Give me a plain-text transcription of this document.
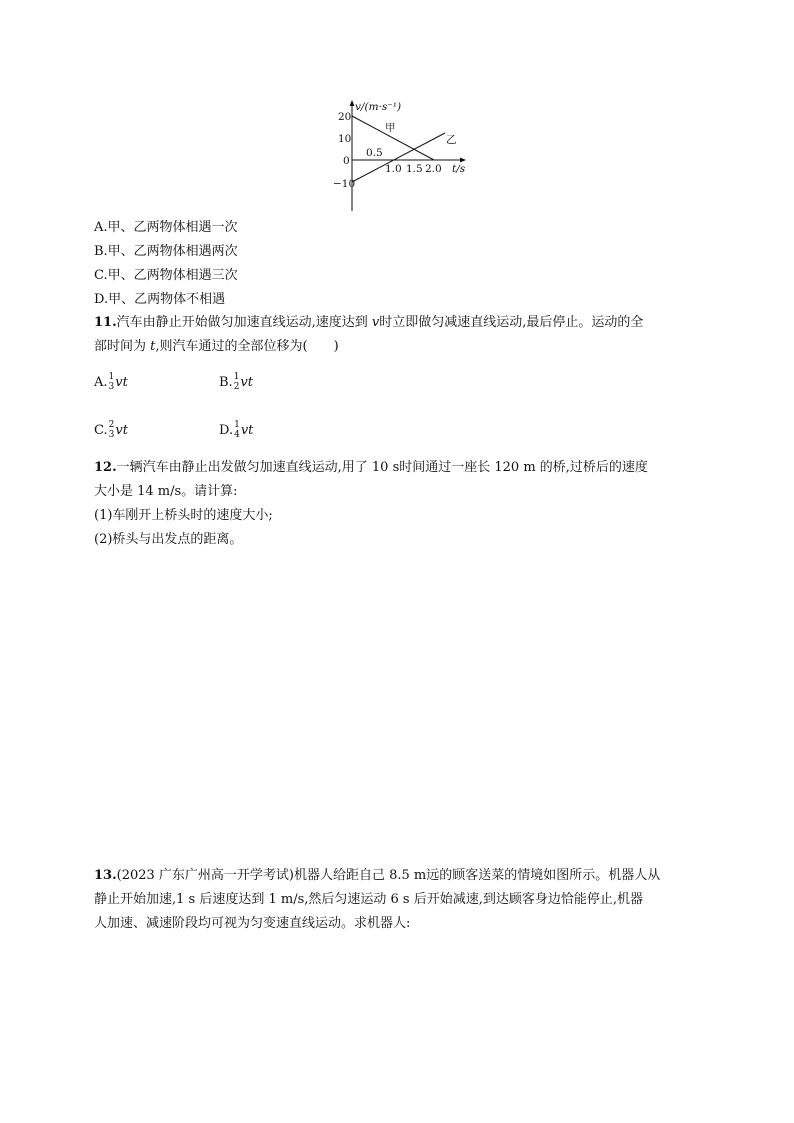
20
10
0
−10
0.5
1.0 1.5 2.0
v/(m·s⁻¹)
t/s
甲
乙
A.甲、乙两物体相遇一次
B.甲、乙两物体相遇两次
C.甲、乙两物体相遇三次
D.甲、乙两物体不相遇
11.汽车由静止开始做匀加速直线运动,速度达到 v时立即做匀减速直线运动,最后停止。运动的全
部时间为 t,则汽车通过的全部位移为(　　)
A. 1
3 vt	B. 1
2 vt
C. 2
3 vt	D. 1
4 vt
12.一辆汽车由静止出发做匀加速直线运动,用了 10 s时间通过一座长 120 m 的桥,过桥后的速度
大小是 14 m/s。请计算:
(1)车刚开上桥头时的速度大小;
(2)桥头与出发点的距离。
13.(2023 广东广州高一开学考试)机器人给距自己 8.5 m远的顾客送菜的情境如图所示。机器人从
静止开始加速,1 s 后速度达到 1 m/s,然后匀速运动 6 s 后开始减速,到达顾客身边恰能停止,机器
人加速、减速阶段均可视为匀变速直线运动。求机器人:
